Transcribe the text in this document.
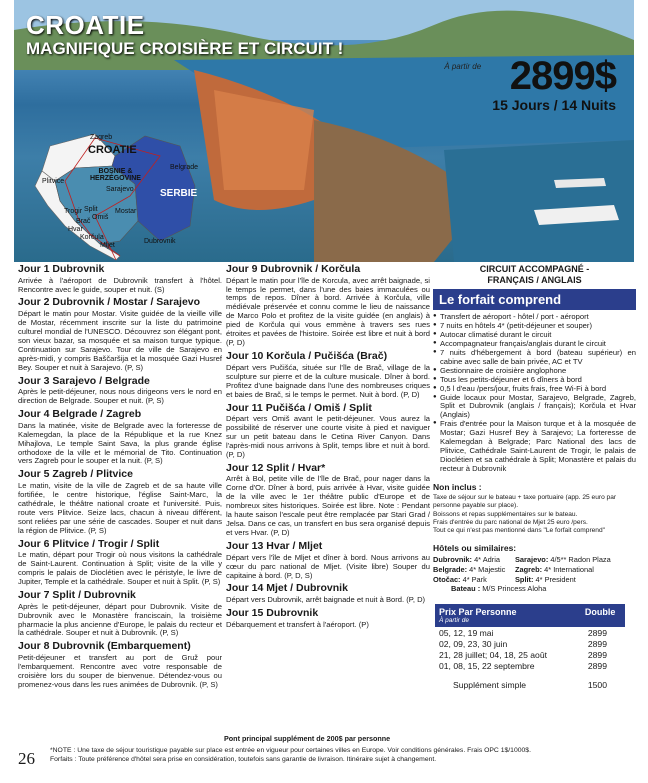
CROATIE
MAGNIFIQUE CROISIÈRE ET CIRCUIT !
À partir de 2899$
15 Jours / 14 Nuits
Zagreb
CROATIE
Plitvice
BOSNIE &
HERZÉGOVINE
Belgrade
Sarajevo	SERBIE
Trogir Split
Omiš
Mostar
Brač
Hvar
Korčula
Mljet
Dubrovnik
Jour 1 Dubrovnik

Arrivée à l'aéroport de Dubrovnik transfert à l'hôtel. Rencontre avec le guide, souper et nuit. (S)

Jour 2 Dubrovnik / Mostar / Sarajevo

Départ le matin pour Mostar. Visite guidée de la vieille ville de Mostar, récemment inscrite sur la liste du patrimoine culturel mondial de l'UNESCO. Découvrez son élégant pont, son vieux bazar, sa mosquée et sa maison turque typique. Continuation sur Sarajevo. Tour de ville de Sarajevo en après-midi, y compris Baščaršija et la mosquée Gazi Husref Bey. Souper et nuit à Sarajevo. (P, S)

Jour 3 Sarajevo / Belgrade

Après le petit-déjeuner, nous nous dirigeons vers le nord en direction de Belgrade. Souper et nuit. (P, S)

Jour 4 Belgrade / Zagreb

Dans la matinée, visite de Belgrade avec la forteresse de Kalemegdan, la place de la République et la rue Knez Mihajlova, Le temple Saint Sava, la plus grande église orthodoxe de la ville et le mémorial de Tito. Continuation vers Zagreb pour le souper et la nuit. (P, S)

Jour 5 Zagreb / Plitvice

Le matin, visite de la ville de Zagreb et de sa haute ville fortifiée, le centre historique, l'église Saint-Marc, la cathédrale, le théâtre national croate et l'université. Puis, route vers Plitvice. Seize lacs, chacun à niveau différent, sont reliées par une série de cascades. Souper et nuit dans la région de Plitvice. (P, S)

Jour 6 Plitvice / Trogir / Split

Le matin, départ pour Trogir où nous visitons la cathédrale de Saint-Laurent. Continuation à Split; visite de la ville y compris le palais de Dioclétien avec le péristyle, le livre de Jupiter, Temple et la cathédrale. Souper et nuit à Split. (P, S)

Jour 7 Split / Dubrovnik

Après le petit-déjeuner, départ pour Dubrovnik. Visite de Dubrovnik avec le Monastère franciscain, la troisième pharmacie la plus ancienne d'Europe, le palais du recteur et la cathédrale. Souper et nuit à Dubrovnik. (P, S)

Jour 8 Dubrovnik (Embarquement)

Petit-déjeuner et transfert au port de Gruž pour l'embarquement. Rencontre avec votre responsable de croisière lors du souper de bienvenue. Détendez-vous ou promenez-vous dans les rues animées de Dubrovnik. (P, S)

Jour 9 Dubrovnik / Korčula

Départ le matin pour l'île de Korcula, avec arrêt baignade, si le temps le permet, dans l'une des baies immaculées ou temps de repos. Dîner à bord. Arrivée à Korčula, ville médiévale préservée et connu comme le lieu de naissance de Marco Polo et profitez de la visite guidée (en anglais) à pied de Korčula qui vous emmène à travers ses rues étroites et pavées de l'histoire. Soirée est libre et nuit à bord (P, D)

Jour 10 Korčula / Pučišća (Brač)

Départ vers Pučišća, située sur l'île de Brač, village de la sculpture sur pierre et de la culture musicale. Dîner à bord. Profitez d'une baignade dans l'une des nombreuses criques et baies de Brač, si le temps le permet. Nuit à bord. (P, D)

Jour 11 Pučišća / Omiš / Split

Départ vers Omiš avant le petit-déjeuner. Vous aurez la possibilité de réserver une courte visite à pied et naviguer sur un petit bateau dans le Cetina River Canyon. Dans l'après-midi nous arrivons à Split, temps libre et nuit à bord. (P, D)

Jour 12 Split / Hvar*

Arrêt à Bol, petite ville de l'île de Brač, pour nager dans la Corne d'Or. Dîner à bord, puis arrivée à Hvar, visite guidée de la ville avec le 1er théâtre public d'Europe et de nombreux sites historiques. Soirée est libre. Note : Pendant la haute saison l'escale peut être remplacée par Stari Grad / Jelsa. Dans ce cas, un transfert en bus sera organisé depuis et vers Hvar. (P, D)

Jour 13 Hvar / Mljet

Départ vers l'île de Mljet et dîner à bord. Nous arrivons au cœur du parc national de Mljet. (Visite libre) Souper du capitaine à bord. (P, D, S)

Jour 14 Mjet / Dubrovnik

Départ vers Dubrovnik, arrêt baignade et nuit à Bord. (P, D)

Jour 15 Dubrovnik

Débarquement et transfert à l'aéroport. (P)

CIRCUIT ACCOMPAGNÉ -
FRANÇAIS / ANGLAIS
Le forfait comprend
● Transfert de aéroport - hôtel / port - aéroport
● 7 nuits en hôtels 4* (petit-déjeuner et souper)
● Autocar climatisé durant le circuit
● Accompagnateur français/anglais durant le circuit
● 7 nuits d'hébergement à bord (bateau supérieur) en cabine avec salle de bain privée, AC et TV
● Gestionnaire de croisière anglophone
● Tous les petits-déjeuner et 6 dîners à bord
● 0,5 l d'eau /pers/jour, fruits frais, free Wi-Fi à bord
● Guide locaux pour Mostar, Sarajevo, Belgrade, Zagreb, Split et Dubrovnik (anglais / français); Korčula et Hvar (Anglais)
● Frais d'entrée pour la Maison turque et à la mosquée de Mostar; Gazi Husref Bey à Sarajevo; La forteresse de Kalemegdan à Belgrade; Parc National des lacs de Plitvice, Cathédrale Saint-Laurent de Trogir, le palais de Dioclétien et sa cathédrale à Split; Monastère et palais du recteur à Dubrovnik
Non inclus :
Taxe de séjour sur le bateau + taxe portuaire (app. 25 euro par personne payable sur place).
Boissons et repas supplémentaires sur le bateau.
Frais d'entrée du parc national de Mjet 25 euro /pers.
Tout ce qui n'est pas mentionné dans "Le forfait comprend"
Hôtels ou similaires:
Dubrovnik: 4* Adria	Sarajevo: 4/5** Radon Plaza
Belgrade: 4* Majestic	Zagreb: 4* International
Otočac: 4* Park	Split: 4* President
Bateau : M/S Princess Aloha
Prix Par Personne
À partir de	Double
05, 12, 19 mai	2899
02, 09, 23, 30 juin	2899
21, 28 juillet; 04, 18, 25 août	2899
01, 08, 15, 22 septembre	2899

Supplément simple	1500
Pont principal supplément de 200$ par personne
26 *NOTE : Une taxe de séjour touristique payable sur place est entrée en vigueur pour certaines villes en Europe. Voir conditions générales. Frais OPC 1$/1000$.
Forfaits : Toute préférence d'hôtel sera prise en considération, toutefois sans garantie de livraison. Itinéraire sujet à changement.
